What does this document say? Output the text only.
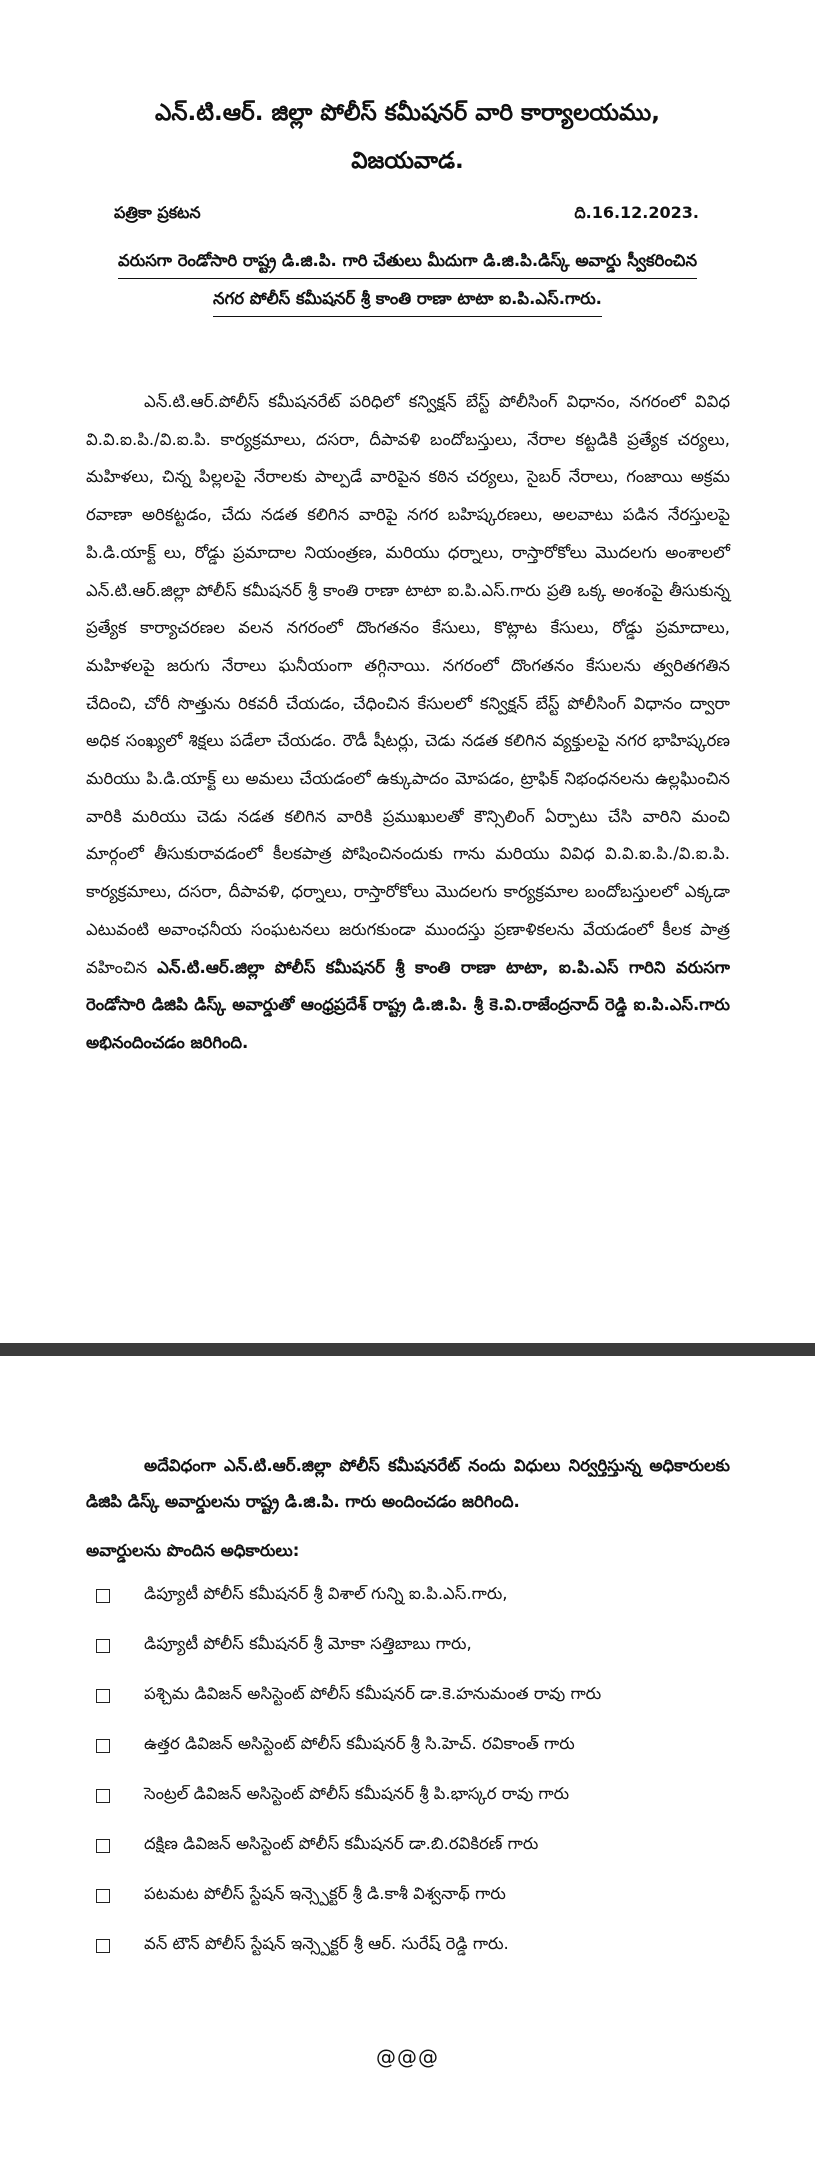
ఎన్.టి.ఆర్. జిల్లా పోలీస్ కమీషనర్ వారి కార్యాలయము,
విజయవాడ.
పత్రికా ప్రకటన	ది.16.12.2023.
వరుసగా రెండోసారి రాష్ట్ర డి.జి.పి. గారి చేతులు మీదుగా డి.జి.పి.డిస్క్ అవార్డు స్వీకరించిన
నగర పోలీస్ కమీషనర్ శ్రీ కాంతి రాణా టాటా ఐ.పి.ఎస్.గారు.

ఎన్.టి.ఆర్.పోలీస్ కమీషనరేట్ పరిధిలో కన్విక్షన్ బేస్ట్ పోలీసింగ్ విధానం, నగరంలో వివిధ వి.వి.ఐ.పి./వి.ఐ.పి. కార్యక్రమాలు, దసరా, దీపావళి బందోబస్తులు, నేరాల కట్టడికి ప్రత్యేక చర్యలు, మహిళలు, చిన్న పిల్లలపై నేరాలకు పాల్పడే వారిపైన కఠిన చర్యలు, సైబర్ నేరాలు, గంజాయి అక్రమ రవాణా అరికట్టడం, చేదు నడత కలిగిన వారిపై నగర బహిష్కరణలు, అలవాటు పడిన నేరస్తులపై పి.డి.యాక్ట్ లు, రోడ్డు ప్రమాదాల నియంత్రణ, మరియు ధర్నాలు, రాస్తారోకోలు మొదలగు అంశాలలో ఎన్.టి.ఆర్.జిల్లా పోలీస్ కమీషనర్ శ్రీ కాంతి రాణా టాటా ఐ.పి.ఎస్.గారు ప్రతి ఒక్క అంశంపై తీసుకున్న ప్రత్యేక కార్యాచరణల వలన నగరంలో దొంగతనం కేసులు, కొట్లాట కేసులు, రోడ్డు ప్రమాదాలు, మహిళలపై జరుగు నేరాలు ఘనీయంగా తగ్గినాయి. నగరంలో దొంగతనం కేసులను త్వరితగతిన చేదించి, చోరీ సొత్తును రికవరీ చేయడం, చేధించిన కేసులలో కన్విక్షన్ బేస్ట్ పోలీసింగ్ విధానం ద్వారా అధిక సంఖ్యలో శిక్షలు పడేలా చేయడం. రౌడీ షీటర్లు, చెడు నడత కలిగిన వ్యక్తులపై నగర భాహిష్కరణ మరియు పి.డి.యాక్ట్ లు అమలు చేయడంలో ఉక్కుపాదం మోపడం, ట్రాఫిక్ నిభంధనలను ఉల్లఘించిన వారికి మరియు చెడు నడత కలిగిన వారికి ప్రముఖులతో కౌన్సిలింగ్ ఏర్పాటు చేసి వారిని మంచి మార్గంలో తీసుకురావడంలో కీలకపాత్ర పోషించినందుకు గాను మరియు వివిధ వి.వి.ఐ.పి./వి.ఐ.పి. కార్యక్రమాలు, దసరా, దీపావళి, ధర్నాలు, రాస్తారోకోలు మొదలగు కార్యక్రమాల బందోబస్తులలో ఎక్కడా ఎటువంటి అవాంఛనీయ సంఘటనలు జరుగకుండా ముందస్తు ప్రణాళికలను వేయడంలో కీలక పాత్ర వహించిన ఎన్.టి.ఆర్.జిల్లా పోలీస్ కమీషనర్ శ్రీ కాంతి రాణా టాటా, ఐ.పి.ఎస్ గారిని వరుసగా రెండోసారి డిజిపి డిస్క్ అవార్డుతో ఆంధ్రప్రదేశ్ రాష్ట్ర డి.జి.పి. శ్రీ కె.వి.రాజేంద్రనాద్ రెడ్డి ఐ.పి.ఎస్.గారు అభినందించడం జరిగింది.

అదేవిధంగా ఎన్.టి.ఆర్.జిల్లా పోలీస్ కమీషనరేట్ నందు విధులు నిర్వర్తిస్తున్న అధికారులకు డిజిపి డిస్క్ అవార్డులను రాష్ట్ర డి.జి.పి. గారు అందించడం జరిగింది.

అవార్డులను పొందిన అధికారులు:
డిప్యూటీ పోలీస్ కమీషనర్ శ్రీ విశాల్ గున్ని ఐ.పి.ఎస్.గారు,
డిప్యూటీ పోలీస్ కమీషనర్ శ్రీ మోకా సత్తిబాబు గారు,
పశ్చిమ డివిజన్ అసిస్టెంట్ పోలీస్ కమీషనర్ డా.కె.హనుమంత రావు గారు
ఉత్తర డివిజన్ అసిస్టెంట్ పోలీస్ కమీషనర్ శ్రీ సి.హెచ్. రవికాంత్ గారు
సెంట్రల్ డివిజన్ అసిస్టెంట్ పోలీస్ కమీషనర్ శ్రీ పి.భాస్కర రావు గారు
దక్షిణ డివిజన్ అసిస్టెంట్ పోలీస్ కమీషనర్ డా.బి.రవికిరణ్ గారు
పటమట పోలీస్ స్టేషన్ ఇన్స్పెక్టర్ శ్రీ డి.కాశీ విశ్వనాథ్ గారు
వన్ టౌన్ పోలీస్ స్టేషన్ ఇన్స్పెక్టర్ శ్రీ ఆర్. సురేష్ రెడ్డి గారు.
@@@
